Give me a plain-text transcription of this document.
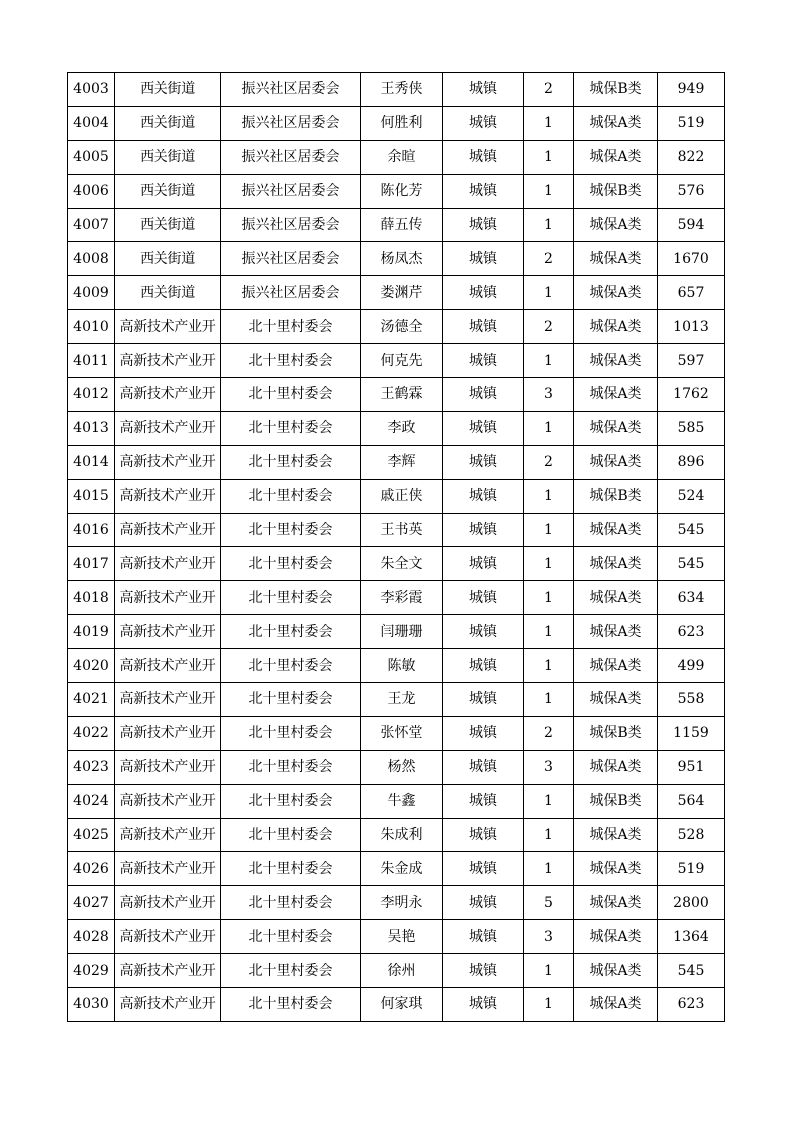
4003	西关街道	振兴社区居委会	王秀侠	城镇	2	城保B类	949
4004	西关街道	振兴社区居委会	何胜利	城镇	1	城保A类	519
4005	西关街道	振兴社区居委会	余暄	城镇	1	城保A类	822
4006	西关街道	振兴社区居委会	陈化芳	城镇	1	城保B类	576
4007	西关街道	振兴社区居委会	薛五传	城镇	1	城保A类	594
4008	西关街道	振兴社区居委会	杨凤杰	城镇	2	城保A类	1670
4009	西关街道	振兴社区居委会	娄渊芹	城镇	1	城保A类	657
4010	高新技术产业开	北十里村委会	汤德全	城镇	2	城保A类	1013
4011	高新技术产业开	北十里村委会	何克先	城镇	1	城保A类	597
4012	高新技术产业开	北十里村委会	王鹤霖	城镇	3	城保A类	1762
4013	高新技术产业开	北十里村委会	李政	城镇	1	城保A类	585
4014	高新技术产业开	北十里村委会	李辉	城镇	2	城保A类	896
4015	高新技术产业开	北十里村委会	戚正侠	城镇	1	城保B类	524
4016	高新技术产业开	北十里村委会	王书英	城镇	1	城保A类	545
4017	高新技术产业开	北十里村委会	朱全文	城镇	1	城保A类	545
4018	高新技术产业开	北十里村委会	李彩霞	城镇	1	城保A类	634
4019	高新技术产业开	北十里村委会	闫珊珊	城镇	1	城保A类	623
4020	高新技术产业开	北十里村委会	陈敏	城镇	1	城保A类	499
4021	高新技术产业开	北十里村委会	王龙	城镇	1	城保A类	558
4022	高新技术产业开	北十里村委会	张怀堂	城镇	2	城保B类	1159
4023	高新技术产业开	北十里村委会	杨然	城镇	3	城保A类	951
4024	高新技术产业开	北十里村委会	牛鑫	城镇	1	城保B类	564
4025	高新技术产业开	北十里村委会	朱成利	城镇	1	城保A类	528
4026	高新技术产业开	北十里村委会	朱金成	城镇	1	城保A类	519
4027	高新技术产业开	北十里村委会	李明永	城镇	5	城保A类	2800
4028	高新技术产业开	北十里村委会	吴艳	城镇	3	城保A类	1364
4029	高新技术产业开	北十里村委会	徐州	城镇	1	城保A类	545
4030	高新技术产业开	北十里村委会	何家琪	城镇	1	城保A类	623
